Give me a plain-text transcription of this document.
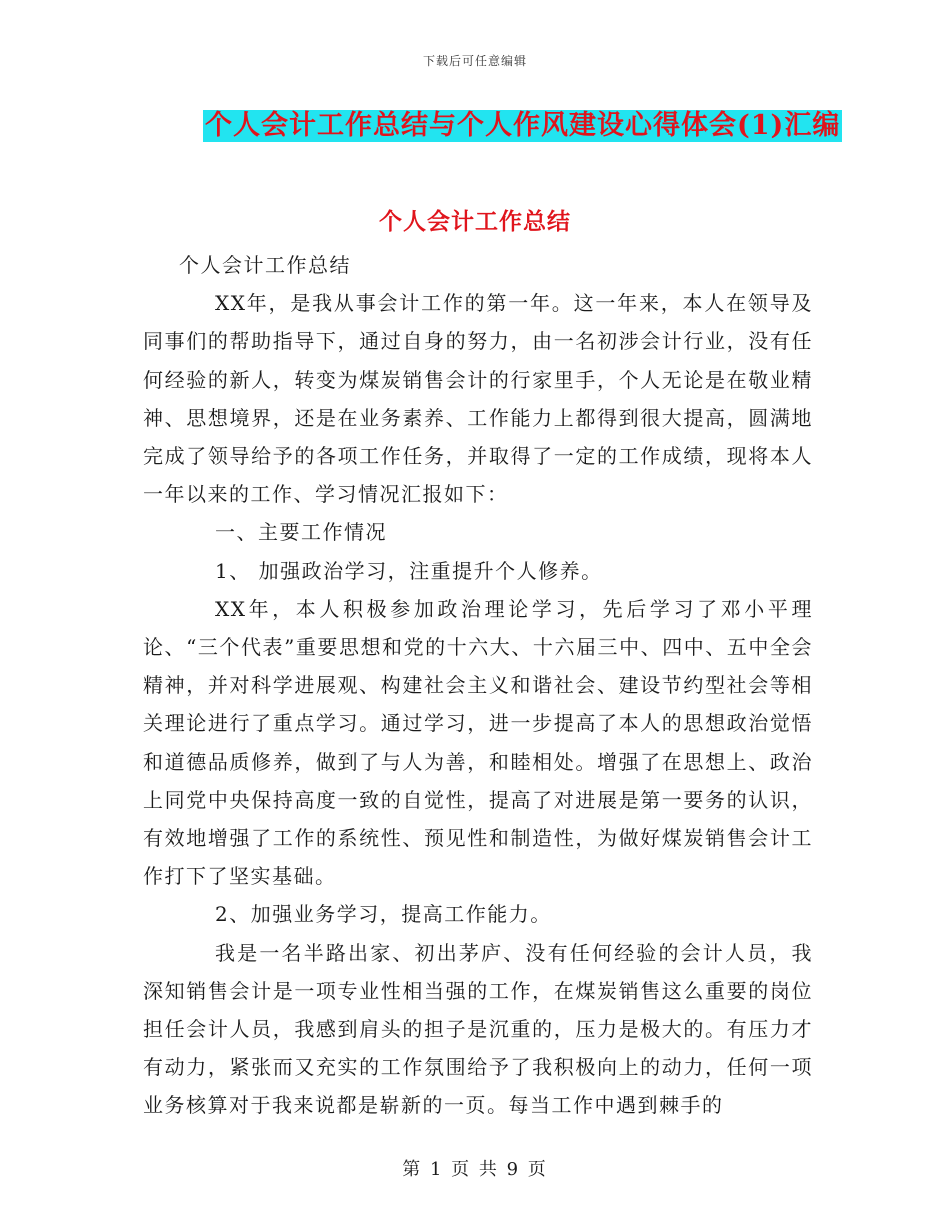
下载后可任意编辑
个人会计工作总结与个人作风建设心得体会(1)汇编
个人会计工作总结

个人会计工作总结

XX年，是我从事会计工作的第一年。这一年来，本人在领导及同事们的帮助指导下，通过自身的努力，由一名初涉会计行业，没有任何经验的新人，转变为煤炭销售会计的行家里手，个人无论是在敬业精神、思想境界，还是在业务素养、工作能力上都得到很大提高，圆满地完成了领导给予的各项工作任务，并取得了一定的工作成绩，现将本人一年以来的工作、学习情况汇报如下：

一、主要工作情况

1、 加强政治学习，注重提升个人修养。

XX年，本人积极参加政治理论学习，先后学习了邓小平理论、“三个代表”重要思想和党的十六大、十六届三中、四中、五中全会精神，并对科学进展观、构建社会主义和谐社会、建设节约型社会等相关理论进行了重点学习。通过学习，进一步提高了本人的思想政治觉悟和道德品质修养，做到了与人为善，和睦相处。增强了在思想上、政治上同党中央保持高度一致的自觉性，提高了对进展是第一要务的认识，有效地增强了工作的系统性、预见性和制造性，为做好煤炭销售会计工作打下了坚实基础。

2、加强业务学习，提高工作能力。

我是一名半路出家、初出茅庐、没有任何经验的会计人员，我深知销售会计是一项专业性相当强的工作，在煤炭销售这么重要的岗位担任会计人员，我感到肩头的担子是沉重的，压力是极大的。有压力才有动力，紧张而又充实的工作氛围给予了我积极向上的动力，任何一项业务核算对于我来说都是崭新的一页。每当工作中遇到棘手的

第 1 页 共 9 页
